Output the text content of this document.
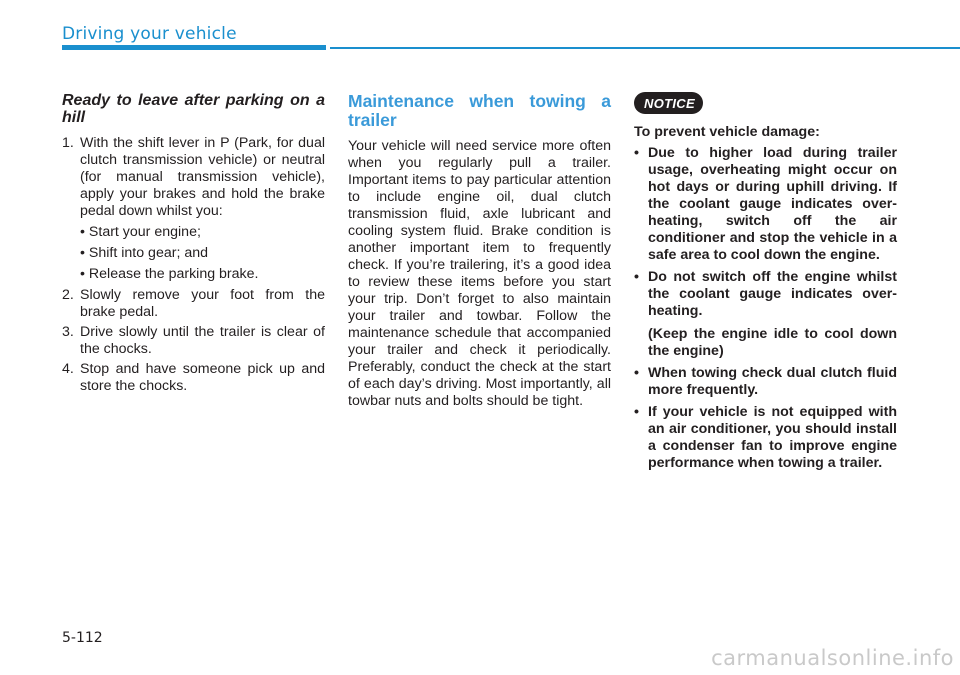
Driving your vehicle
Ready to leave after parking on a hill
1. With the shift lever in P (Park, for dual clutch transmission vehicle) or neutral (for manual transmission vehicle), apply your brakes and hold the brake pedal down whilst you:
• Start your engine;
• Shift into gear; and
• Release the parking brake.
2. Slowly remove your foot from the brake pedal.
3. Drive slowly until the trailer is clear of the chocks.
4. Stop and have someone pick up and store the chocks.
Maintenance when towing a trailer

Your vehicle will need service more often when you regularly pull a trailer. Important items to pay particular attention to include engine oil, dual clutch transmission fluid, axle lubricant and cooling system fluid. Brake condition is another important item to frequently check. If you’re trailering, it’s a good idea to review these items before you start your trip. Don’t forget to also maintain your trailer and towbar. Follow the maintenance schedule that accompanied your trailer and check it periodically. Preferably, conduct the check at the start of each day’s driving. Most importantly, all towbar nuts and bolts should be tight.

NOTICE

To prevent vehicle damage:

• Due to higher load during trailer usage, overheating might occur on hot days or during uphill driving. If the coolant gauge indicates over-heating, switch off the air conditioner and stop the vehicle in a safe area to cool down the engine.
• Do not switch off the engine whilst the coolant gauge indicates over-heating.
(Keep the engine idle to cool down the engine)
• When towing check dual clutch fluid more frequently.
• If your vehicle is not equipped with an air conditioner, you should install a condenser fan to improve engine performance when towing a trailer.
5-112
carmanualsonline.info
